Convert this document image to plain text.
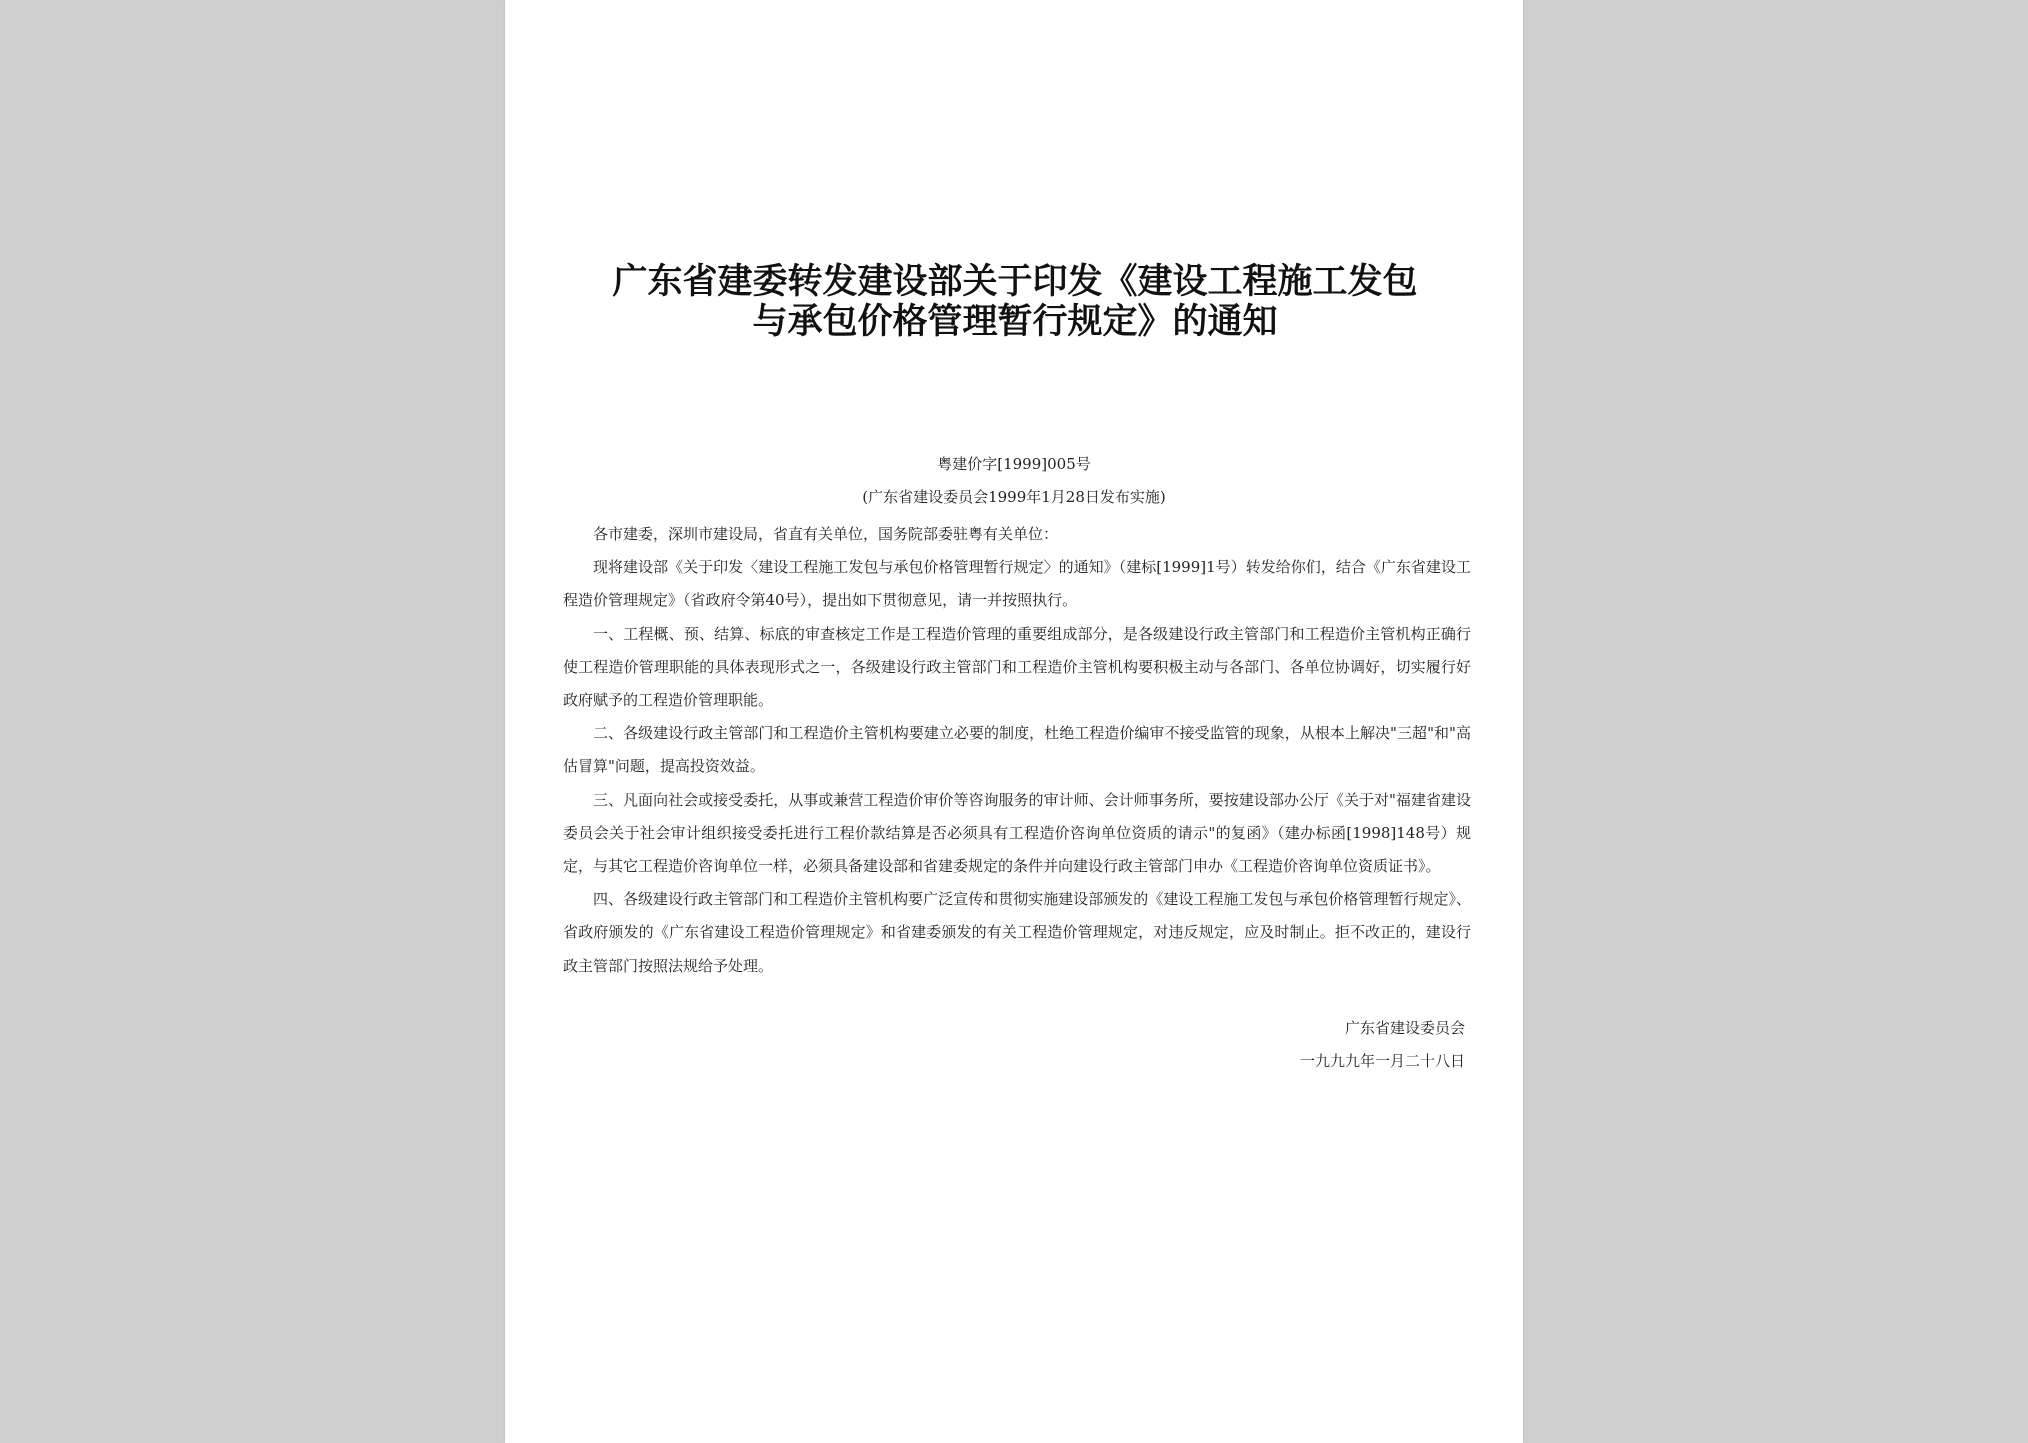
广东省建委转发建设部关于印发《建设工程施工发包
与承包价格管理暂行规定》的通知
粤建价字[1999]005号
(广东省建设委员会1999年1月28日发布实施)

各市建委，深圳市建设局，省直有关单位，国务院部委驻粤有关单位：

现将建设部《关于印发〈建设工程施工发包与承包价格管理暂行规定〉的通知》（建标[1999]1号）转发给你们，结合《广东省建设工程造价管理规定》（省政府令第40号），提出如下贯彻意见，请一并按照执行。

一、工程概、预、结算、标底的审查核定工作是工程造价管理的重要组成部分，是各级建设行政主管部门和工程造价主管机构正确行使工程造价管理职能的具体表现形式之一，各级建设行政主管部门和工程造价主管机构要积极主动与各部门、各单位协调好，切实履行好政府赋予的工程造价管理职能。

二、各级建设行政主管部门和工程造价主管机构要建立必要的制度，杜绝工程造价编审不接受监管的现象，从根本上解决"三超"和"高估冒算"问题，提高投资效益。

三、凡面向社会或接受委托，从事或兼营工程造价审价等咨询服务的审计师、会计师事务所，要按建设部办公厅《关于对"福建省建设委员会关于社会审计组织接受委托进行工程价款结算是否必须具有工程造价咨询单位资质的请示"的复函》（建办标函[1998]148号）规定，与其它工程造价咨询单位一样，必须具备建设部和省建委规定的条件并向建设行政主管部门申办《工程造价咨询单位资质证书》。

四、各级建设行政主管部门和工程造价主管机构要广泛宣传和贯彻实施建设部颁发的《建设工程施工发包与承包价格管理暂行规定》、省政府颁发的《广东省建设工程造价管理规定》和省建委颁发的有关工程造价管理规定，对违反规定，应及时制止。拒不改正的，建设行政主管部门按照法规给予处理。

广东省建设委员会
一九九九年一月二十八日
